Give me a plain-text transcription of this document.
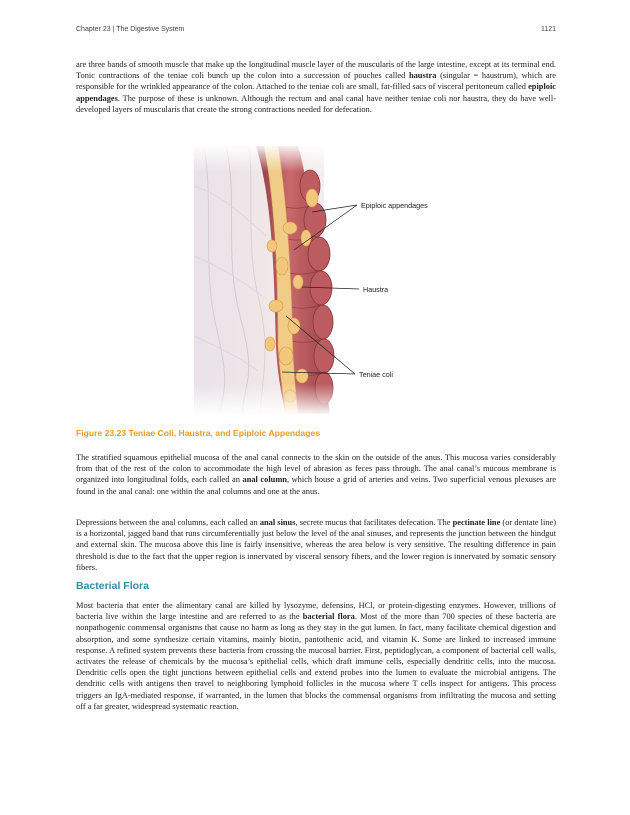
Chapter 23 | The Digestive System	1121

are three bands of smooth muscle that make up the longitudinal muscle layer of the muscularis of the large intestine, except at its terminal end. Tonic contractions of the teniae coli bunch up the colon into a succession of pouches called haustra (singular = haustrum), which are responsible for the wrinkled appearance of the colon. Attached to the teniae coli are small, fat-filled sacs of visceral peritoneum called epiploic appendages. The purpose of these is unknown. Although the rectum and anal canal have neither teniae coli nor haustra, they do have well-developed layers of muscularis that create the strong contractions needed for defecation.

Epiploic appendages
Haustra
Teniae coli

Figure 23.23 Teniae Coli, Haustra, and Epiploic Appendages

The stratified squamous epithelial mucosa of the anal canal connects to the skin on the outside of the anus. This mucosa varies considerably from that of the rest of the colon to accommodate the high level of abrasion as feces pass through. The anal canal’s mucous membrane is organized into longitudinal folds, each called an anal column, which house a grid of arteries and veins. Two superficial venous plexuses are found in the anal canal: one within the anal columns and one at the anus.

Depressions between the anal columns, each called an anal sinus, secrete mucus that facilitates defecation. The pectinate line (or dentate line) is a horizontal, jagged band that runs circumferentially just below the level of the anal sinuses, and represents the junction between the hindgut and external skin. The mucosa above this line is fairly insensitive, whereas the area below is very sensitive. The resulting difference in pain threshold is due to the fact that the upper region is innervated by visceral sensory fibers, and the lower region is innervated by somatic sensory fibers.

Bacterial Flora

Most bacteria that enter the alimentary canal are killed by lysozyme, defensins, HCl, or protein-digesting enzymes. However, trillions of bacteria live within the large intestine and are referred to as the bacterial flora. Most of the more than 700 species of these bacteria are nonpathogenic commensal organisms that cause no harm as long as they stay in the gut lumen. In fact, many facilitate chemical digestion and absorption, and some synthesize certain vitamins, mainly biotin, pantothenic acid, and vitamin K. Some are linked to increased immune response. A refined system prevents these bacteria from crossing the mucosal barrier. First, peptidoglycan, a component of bacterial cell walls, activates the release of chemicals by the mucosa’s epithelial cells, which draft immune cells, especially dendritic cells, into the mucosa. Dendritic cells open the tight junctions between epithelial cells and extend probes into the lumen to evaluate the microbial antigens. The dendritic cells with antigens then travel to neighboring lymphoid follicles in the mucosa where T cells inspect for antigens. This process triggers an IgA-mediated response, if warranted, in the lumen that blocks the commensal organisms from infiltrating the mucosa and setting off a far greater, widespread systematic reaction.
